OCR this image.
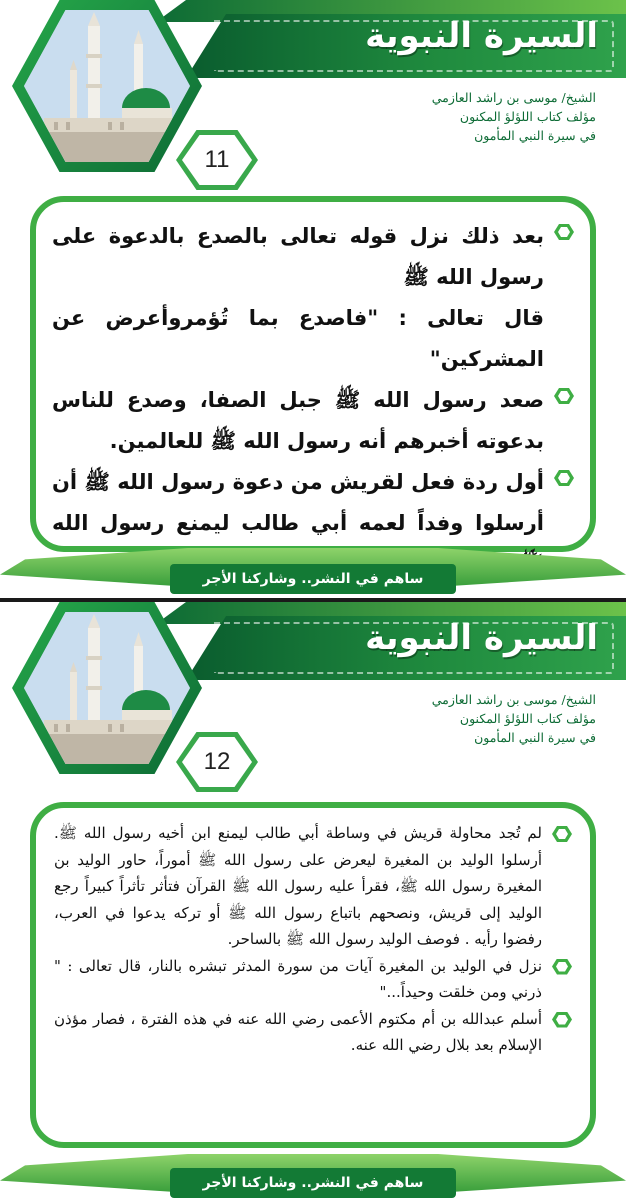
السيرة النبوية
الشيخ/ موسى بن راشد العازمي
مؤلف كتاب اللؤلؤ المكنون
في سيرة النبي المأمون
11
بعد ذلك نزل قوله تعالى بالصدع بالدعوة على رسول الله ﷺ
قال تعالى : "فاصدع بما تُؤمروأعرض عن المشركين"
صعد رسول الله ﷺ جبل الصفا، وصدع للناس بدعوته أخبرهم أنه رسول الله ﷺ للعالمين.
أول ردة فعل لقريش من دعوة رسول الله ﷺ أن أرسلوا وفداً لعمه أبي طالب ليمنع رسول الله
ساهم في النشر.. وشاركنا الأجر
السيرة النبوية
الشيخ/ موسى بن راشد العازمي
مؤلف كتاب اللؤلؤ المكنون
في سيرة النبي المأمون
12
لم تُجد محاولة قريش في وساطة أبي طالب ليمنع ابن أخيه رسول الله ﷺ. أرسلوا الوليد بن المغيرة ليعرض على رسول الله ﷺ أموراً، حاور الوليد بن المغيرة رسول الله ﷺ، فقرأ عليه رسول الله ﷺ القرآن فتأثر تأثراً كبيراً رجع الوليد إلى قريش، ونصحهم باتباع رسول الله ﷺ أو تركه يدعوا في العرب، رفضوا رأيه . فوصف الوليد رسول الله ﷺ بالساحر.
نزل في الوليد بن المغيرة آيات من سورة المدثر تبشره بالنار، قال تعالى : " ذرني ومن خلقت وحيداً..."
أسلم عبدالله بن أم مكتوم الأعمى رضي الله عنه في هذه الفترة ، فصار مؤذن الإسلام بعد بلال رضي الله عنه.
ساهم في النشر.. وشاركنا الأجر
